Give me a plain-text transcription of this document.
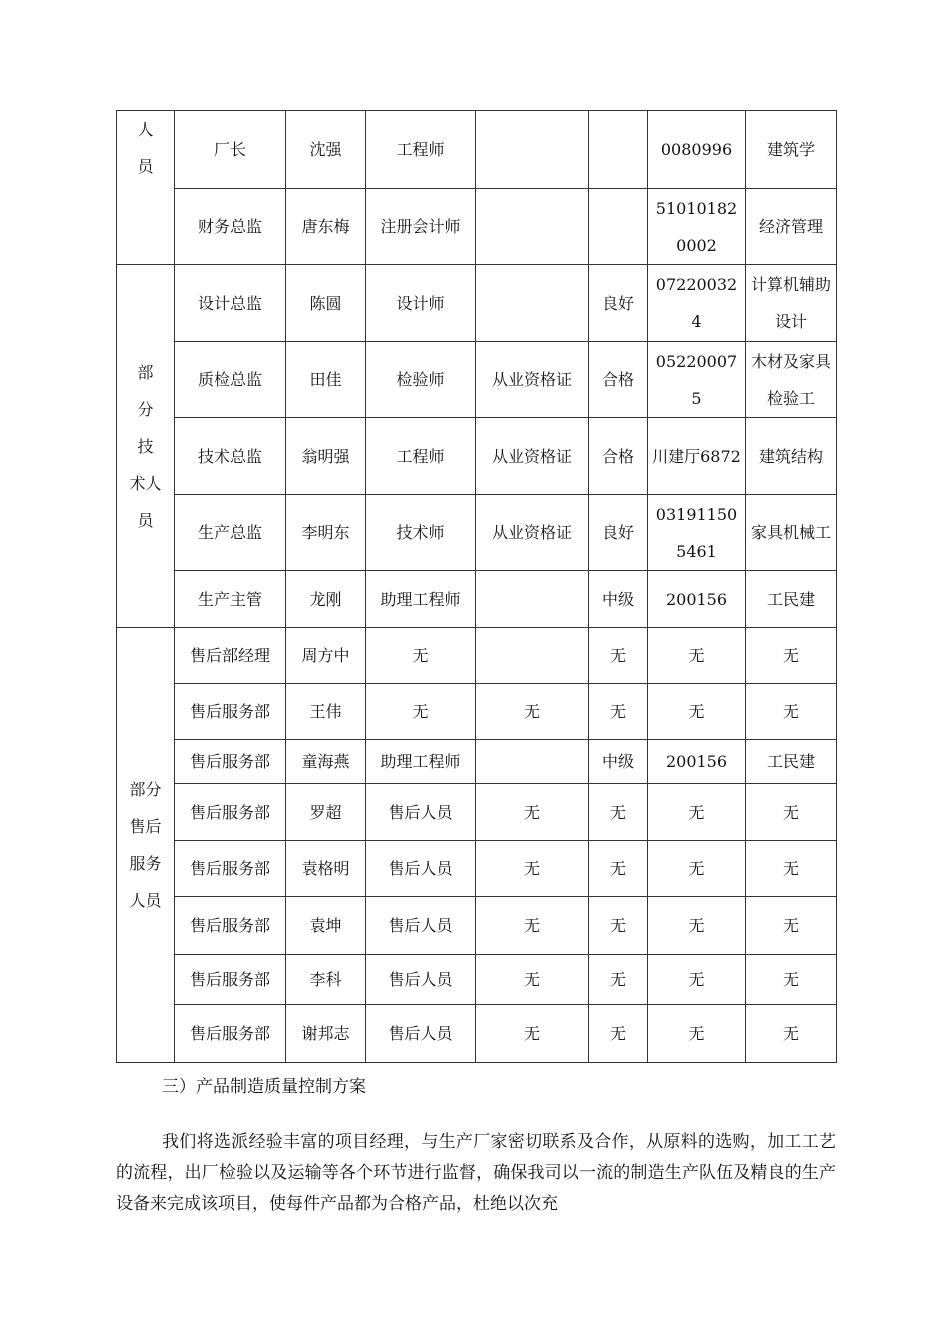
人
员	厂长	沈强	工程师			0080996	建筑学
	财务总监	唐东梅	注册会计师			510101820002	经济管理
部
分
技
术人
员	设计总监	陈圆	设计师		良好	072200324	计算机辅助设计
	质检总监	田佳	检验师	从业资格证	合格	052200075	木材及家具检验工
	技术总监	翁明强	工程师	从业资格证	合格	川建厅6872	建筑结构
	生产总监	李明东	技术师	从业资格证	良好	031911505461	家具机械工
	生产主管	龙刚	助理工程师		中级	200156	工民建
部分
售后
服务
人员	售后部经理	周方中	无		无	无	无
	售后服务部	王伟	无	无	无	无	无
	售后服务部	童海燕	助理工程师		中级	200156	工民建
	售后服务部	罗超	售后人员	无	无	无	无
	售后服务部	袁格明	售后人员	无	无	无	无
	售后服务部	袁坤	售后人员	无	无	无	无
	售后服务部	李科	售后人员	无	无	无	无
	售后服务部	谢邦志	售后人员	无	无	无	无
三）产品制造质量控制方案
我们将选派经验丰富的项目经理，与生产厂家密切联系及合作，从原料的选购，加工工艺的流程，出厂检验以及运输等各个环节进行监督，确保我司以一流的制造生产队伍及精良的生产设备来完成该项目，使每件产品都为合格产品，杜绝以次充
